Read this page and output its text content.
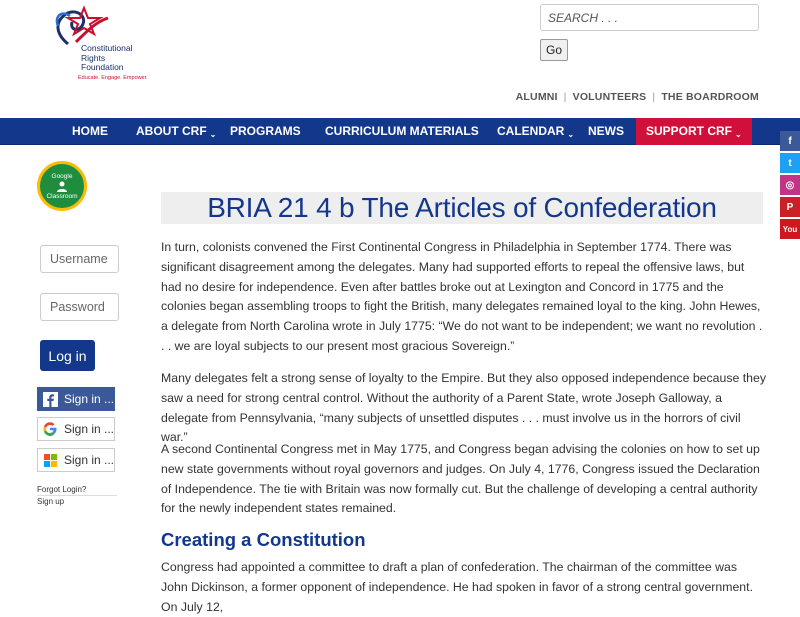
Constitutional
Rights
Foundation
Educate. Engage. Empower.
SEARCH . . .
Go
ALUMNI | VOLUNTEERS | THE BOARDROOM
HOME ABOUT CRF ⌄ PROGRAMS CURRICULUM MATERIALS CALENDAR ⌄ NEWS	SUPPORT CRF ⌄
f
t
◎
P
You
Google
Classroom
Username
Log in
Sign in ...
Sign in ...
Sign in ...
Forgot Login?
Sign up
BRIA 21 4 b The Articles of Confederation

In turn, colonists convened the First Continental Congress in Philadelphia in September 1774. There was significant disagreement among the delegates. Many had supported efforts to repeal the offensive laws, but had no desire for independence. Even after battles broke out at Lexington and Concord in 1775 and the colonies began assembling troops to fight the British, many delegates remained loyal to the king. John Hewes, a delegate from North Carolina wrote in July 1775: “We do not want to be independent; we want no revolution . . . we are loyal subjects to our present most gracious Sovereign.”

Many delegates felt a strong sense of loyalty to the Empire. But they also opposed independence because they saw a need for strong central control. Without the authority of a Parent State, wrote Joseph Galloway, a delegate from Pennsylvania, “many subjects of unsettled disputes . . . must involve us in the horrors of civil war.”

A second Continental Congress met in May 1775, and Congress began advising the colonies on how to set up new state governments without royal governors and judges. On July 4, 1776, Congress issued the Declaration of Independence. The tie with Britain was now formally cut. But the challenge of developing a central authority for the newly independent states remained.

Creating a Constitution

Congress had appointed a committee to draft a plan of confederation. The chairman of the committee was John Dickinson, a former opponent of independence. He had spoken in favor of a strong central government. On July 12,
